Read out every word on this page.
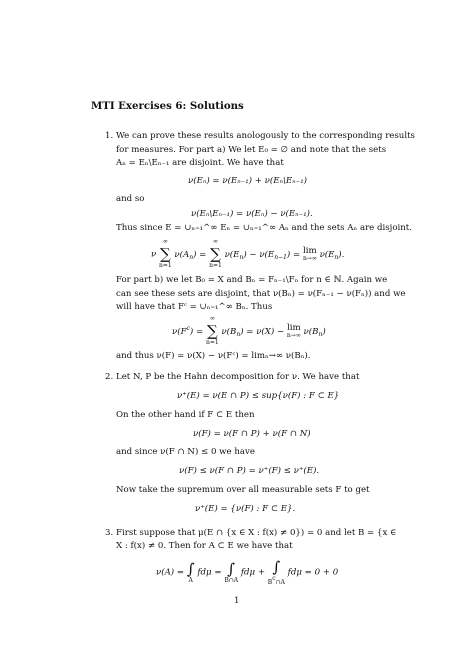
MTI Exercises 6: Solutions
1. We can prove these results anologously to the corresponding results
for measures. For part a) We let E₀ = ∅ and note that the sets
Aₙ = Eₙ\Eₙ₋₁ are disjoint. We have that
ν(Eₙ) = ν(Eₙ₋₁) + ν(Eₙ\Eₙ₋₁)
and so
ν(Eₙ\Eₙ₋₁) = ν(Eₙ) − ν(Eₙ₋₁).
Thus since E = ∪ₙ₌₁^∞ Eₙ = ∪ₙ₌₁^∞ Aₙ and the sets Aₙ are disjoint.
ν
∞
∑
n=1
$\nu(A_n)$ =
∞
∑
n=1
$\nu(E_n) - \nu(E_{n-1}) = \lim$
n→∞ $\nu(E_n)$.
For part b) we let B₀ = X and Bₙ = Fₙ₋₁\Fₙ for n ∈ ℕ. Again we
can see these sets are disjoint, that ν(Bₙ) = ν(Fₙ₋₁ − ν(Fₙ)) and we
will have that Fᶜ = ∪ₙ₌₁^∞ Bₙ. Thus
$\nu(F^c)$ =
∞
∑
n=1
$\nu(B_n) = \nu(X) - \lim$
n→∞ $\nu(B_n)$
and thus ν(F) = ν(X) − ν(Fᶜ) = limₙ→∞ ν(Bₙ).
2. Let N, P be the Hahn decomposition for ν. We have that
ν⁺(E) = ν(E ∩ P) ≤ sup{ν(F) : F ⊂ E}
On the other hand if F ⊂ E then
ν(F) = ν(F ∩ P) + ν(F ∩ N)
and since ν(F ∩ N) ≤ 0 we have
ν(F) ≤ ν(F ∩ P) = ν⁺(F) ≤ ν⁺(E).
Now take the supremum over all measurable sets F to get
ν⁺(E) = {ν(F) : F ⊂ E}.
3. First suppose that μ(E ∩ {x ∈ X : f(x) ≠ 0}) = 0 and let B = {x ∈
X : f(x) ≠ 0. Then for A ⊂ E we have that
ν(A) = ∫
A
fdμ = ∫
B∩A
fdμ + ∫
Bc∩A
fdμ = 0 + 0
1
